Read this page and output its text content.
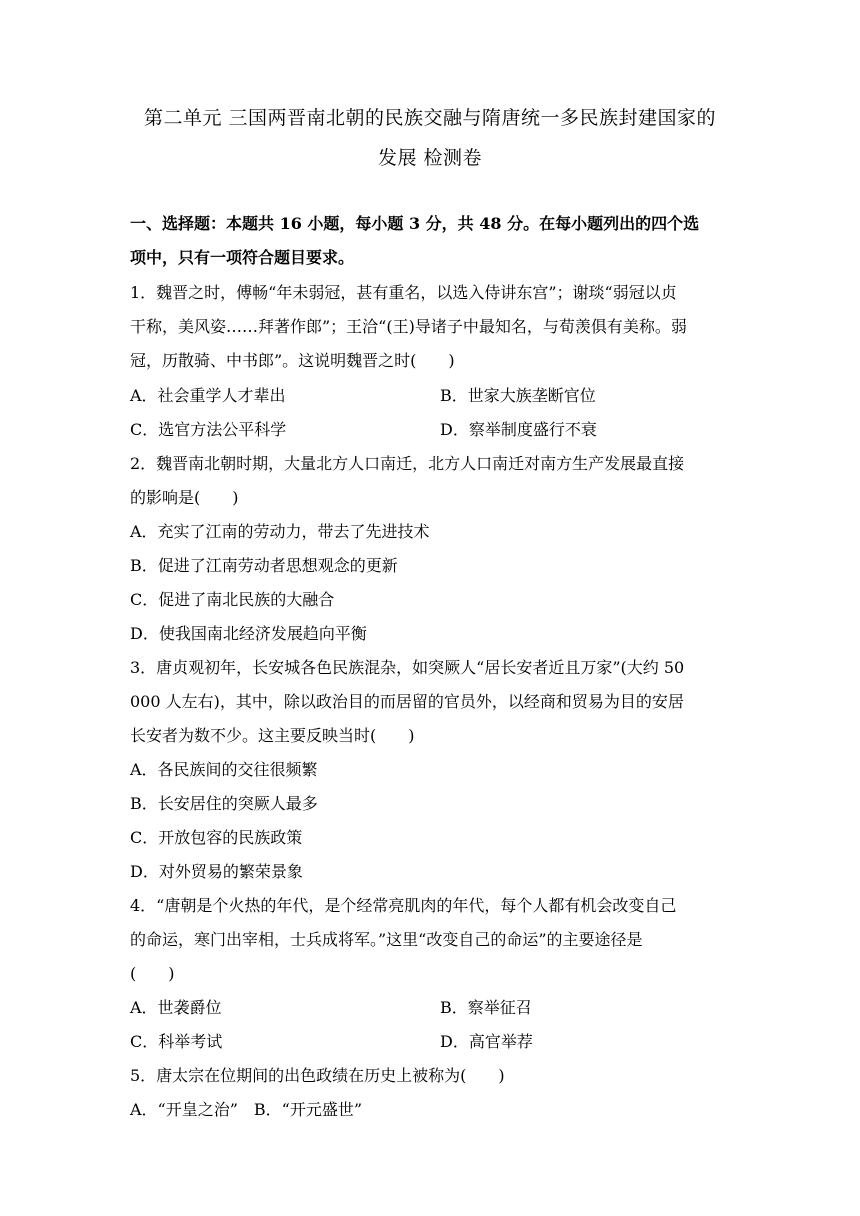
第二单元 三国两晋南北朝的民族交融与隋唐统一多民族封建国家的
发展 检测卷
一、选择题：本题共 16 小题，每小题 3 分，共 48 分。在每小题列出的四个选
项中，只有一项符合题目要求。
1．魏晋之时，傅畅“年未弱冠，甚有重名，以选入侍讲东宫”；谢琰“弱冠以贞
干称，美风姿……拜著作郎”；王洽“(王)导诸子中最知名，与荀羡俱有美称。弱
冠，历散骑、中书郎”。这说明魏晋之时(　　)
A．社会重学人才辈出	B．世家大族垄断官位
C．选官方法公平科学	D．察举制度盛行不衰
2．魏晋南北朝时期，大量北方人口南迁，北方人口南迁对南方生产发展最直接
的影响是(　　)
A．充实了江南的劳动力，带去了先进技术
B．促进了江南劳动者思想观念的更新
C．促进了南北民族的大融合
D．使我国南北经济发展趋向平衡
3．唐贞观初年，长安城各色民族混杂，如突厥人“居长安者近且万家”(大约 50
000 人左右)，其中，除以政治目的而居留的官员外，以经商和贸易为目的安居
长安者为数不少。这主要反映当时(　　)
A．各民族间的交往很频繁
B．长安居住的突厥人最多
C．开放包容的民族政策
D．对外贸易的繁荣景象
4．“唐朝是个火热的年代，是个经常亮肌肉的年代，每个人都有机会改变自己
的命运，寒门出宰相，士兵成将军。”这里“改变自己的命运”的主要途径是
(　　)
A．世袭爵位	B．察举征召
C．科举考试	D．高官举荐
5．唐太宗在位期间的出色政绩在历史上被称为(　　)
A．“开皇之治”　B．“开元盛世”
